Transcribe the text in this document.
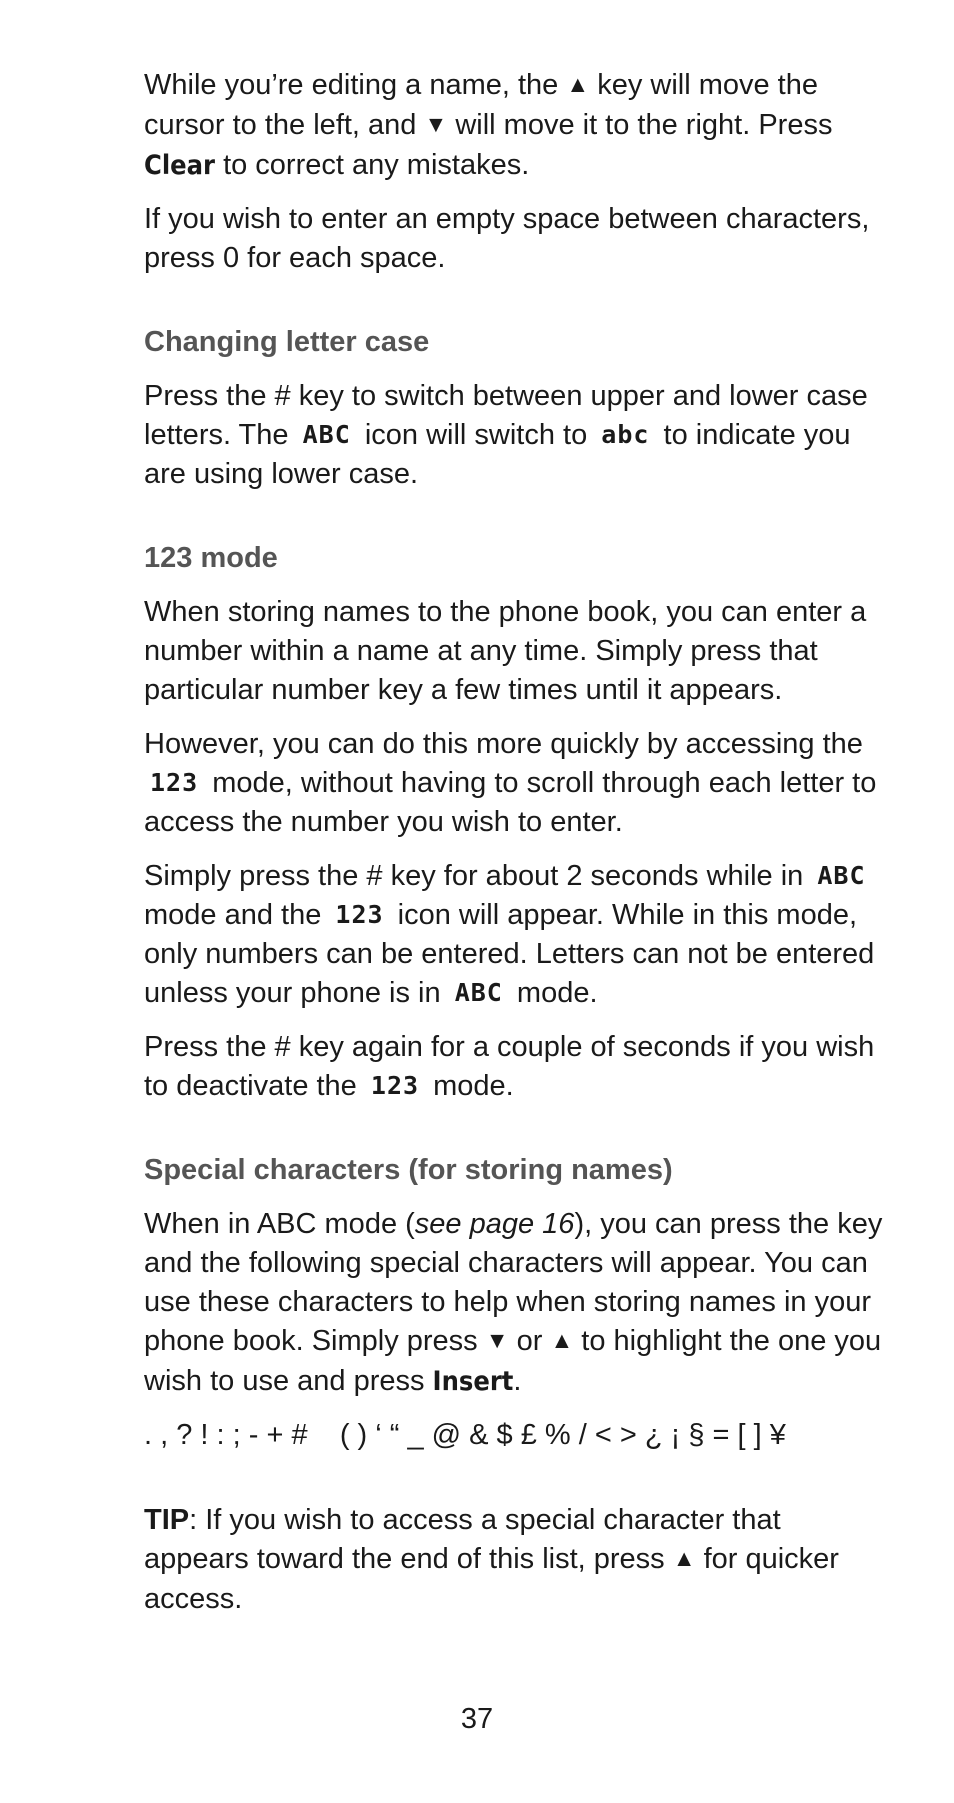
While you’re editing a name, the ▲ key will move the cursor to the left, and ▼ will move it to the right. Press Clear to correct any mistakes.

If you wish to enter an empty space between characters, press 0 for each space.

Changing letter case

Press the # key to switch between upper and lower case letters. The ABC icon will switch to abc to indicate you are using lower case.

123 mode

When storing names to the phone book, you can enter a number within a name at any time. Simply press that particular number key a few times until it appears.

However, you can do this more quickly by accessing the 123 mode, without having to scroll through each letter to access the number you wish to enter.

Simply press the # key for about 2 seconds while in ABC mode and the 123 icon will appear. While in this mode, only numbers can be entered. Letters can not be entered unless your phone is in ABC mode.

Press the # key again for a couple of seconds if you wish to deactivate the 123 mode.

Special characters (for storing names)

When in ABC mode (see page 16), you can press the key and the following special characters will appear. You can use these characters to help when storing names in your phone book. Simply press ▼ or ▲ to highlight the one you wish to use and press Insert.

. , ? ! : ; - + #    ( ) ‘ “ _ @ & $ £ % / < > ¿ ¡ § = [ ] ¥

TIP: If you wish to access a special character that appears toward the end of this list, press ▲ for quicker access.

37
